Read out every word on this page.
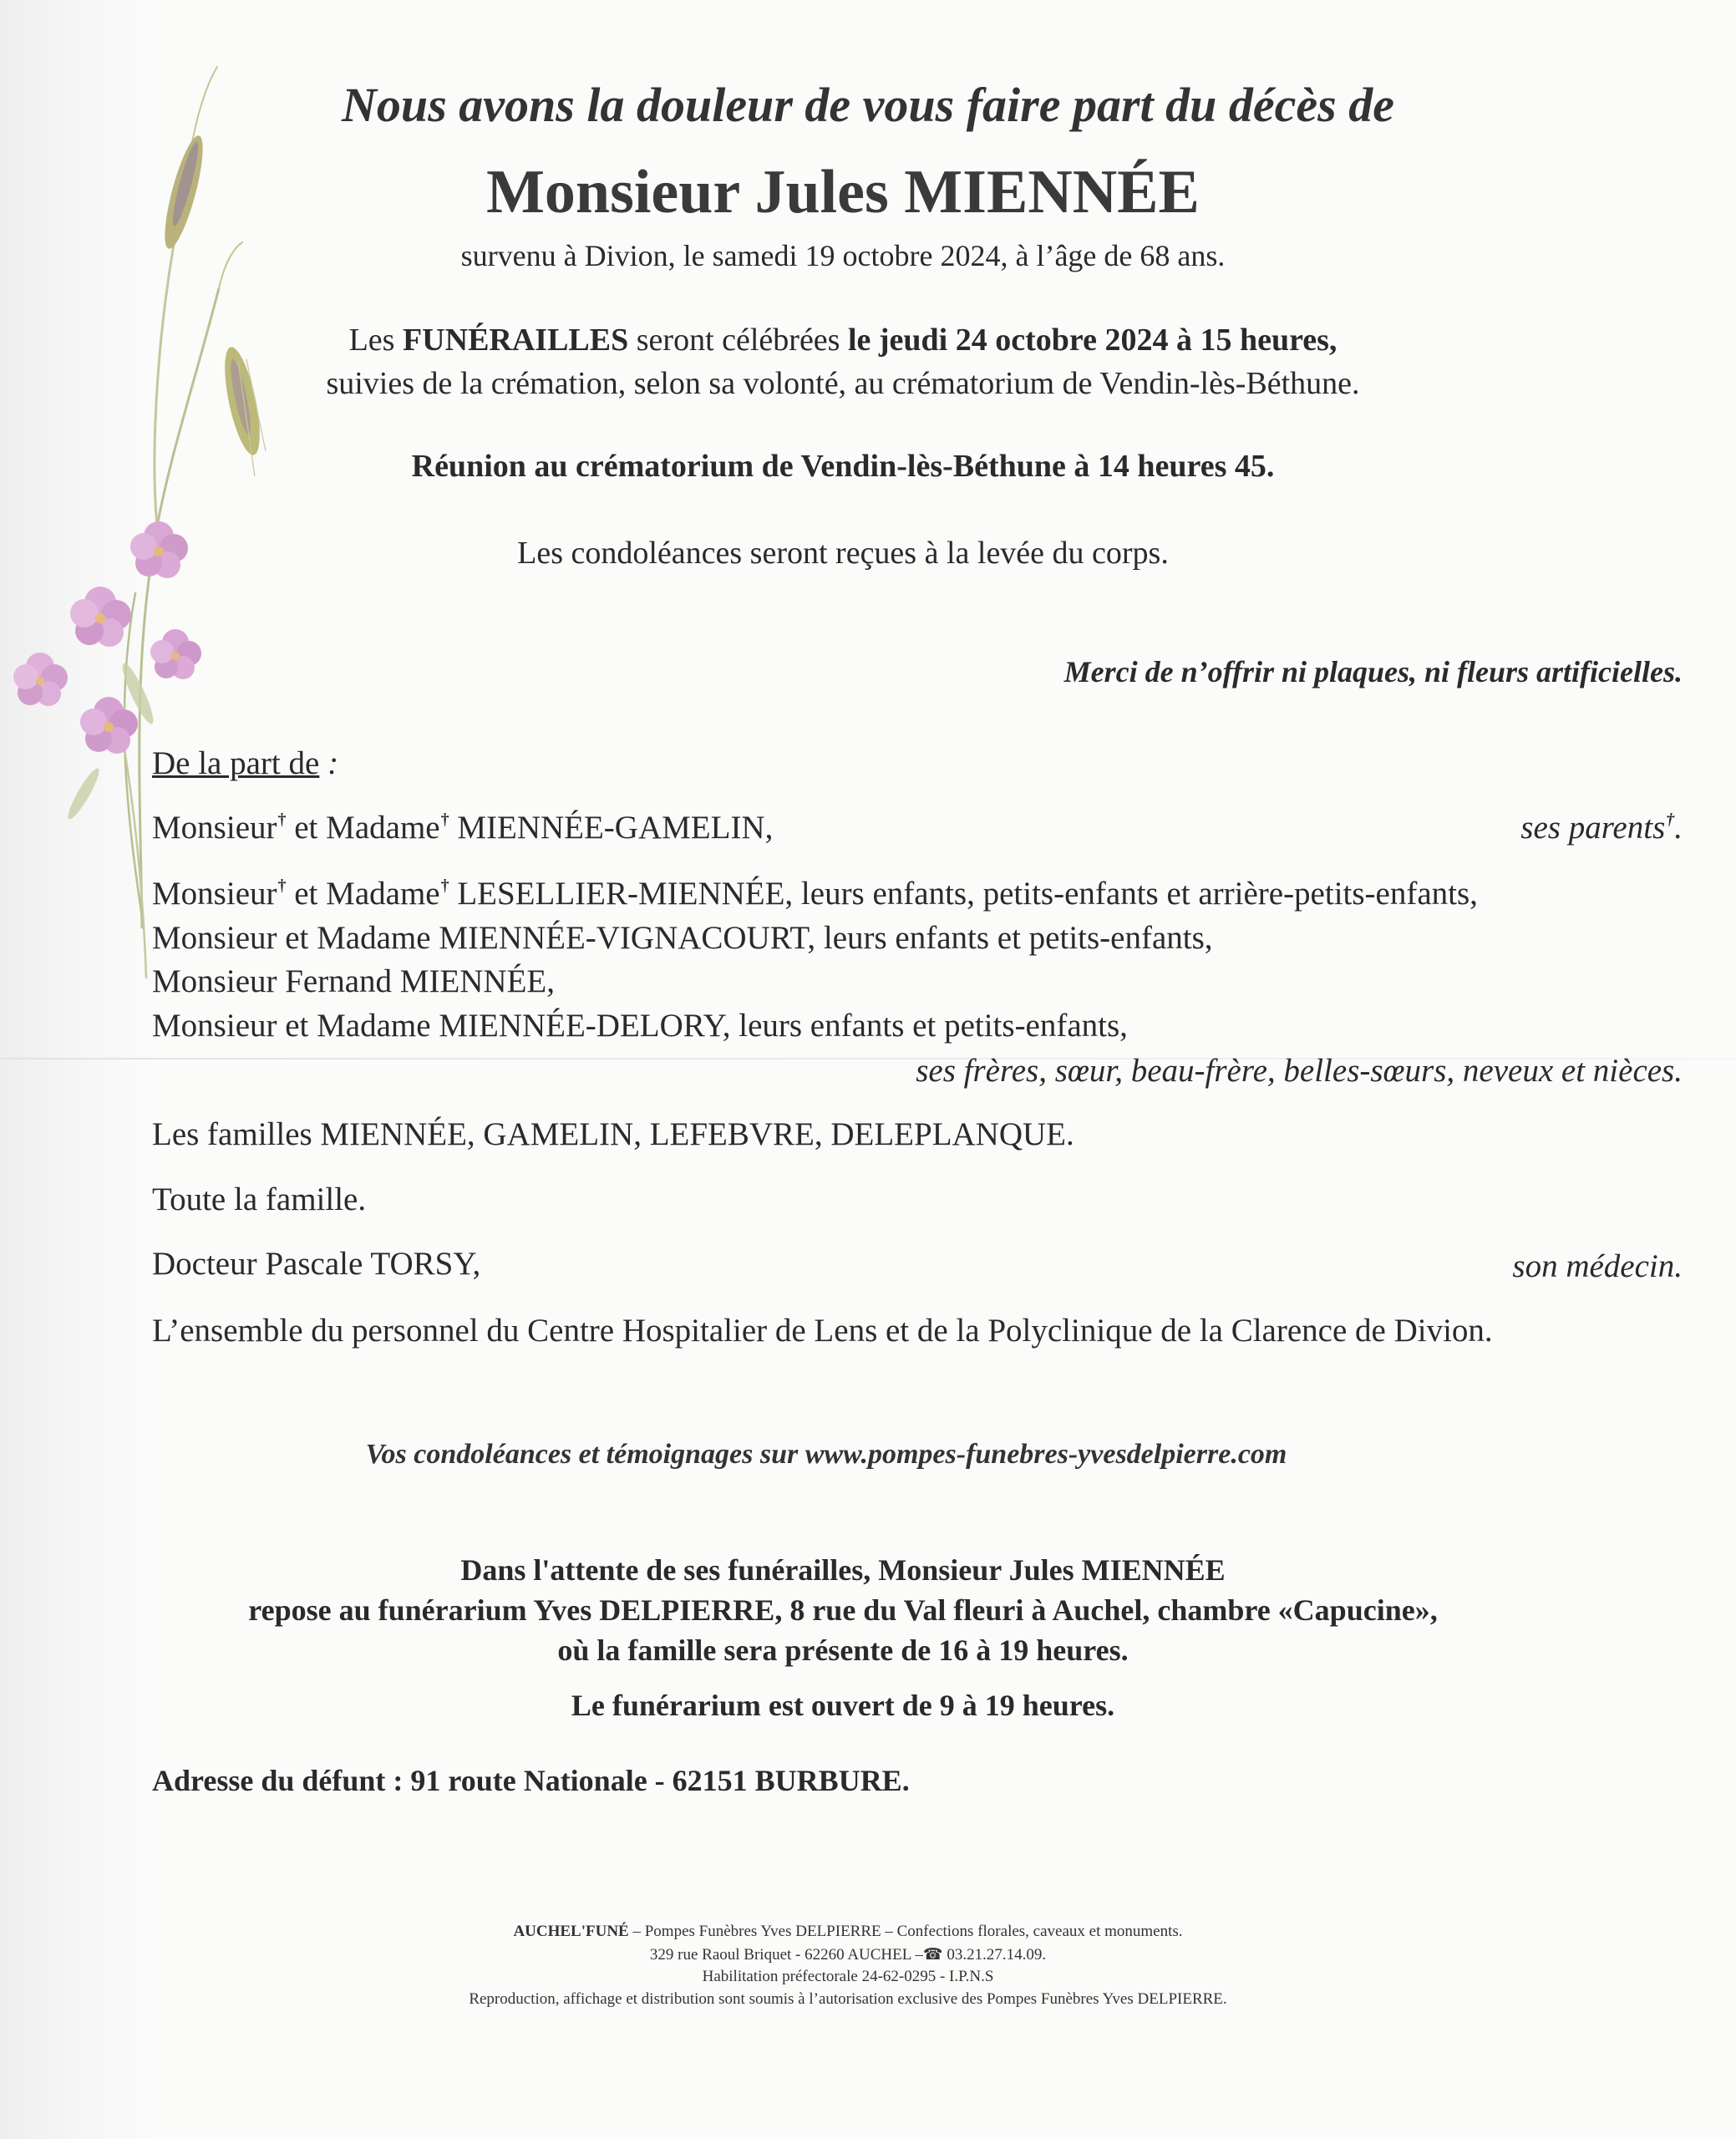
Nous avons la douleur de vous faire part du décès de
Monsieur Jules MIENNÉE
survenu à Divion, le samedi 19 octobre 2024, à l’âge de 68 ans.
Les FUNÉRAILLES seront célébrées le jeudi 24 octobre 2024 à 15 heures,
suivies de la crémation, selon sa volonté, au crématorium de Vendin-lès-Béthune.
Réunion au crématorium de Vendin-lès-Béthune à 14 heures 45.
Les condoléances seront reçues à la levée du corps.
Merci de n’offrir ni plaques, ni fleurs artificielles.
De la part de :
Monsieur† et Madame† MIENNÉE-GAMELIN,	ses parents†.
Monsieur† et Madame† LESELLIER-MIENNÉE, leurs enfants, petits-enfants et arrière-petits-enfants,
Monsieur et Madame MIENNÉE-VIGNACOURT, leurs enfants et petits-enfants,
Monsieur Fernand MIENNÉE,
Monsieur et Madame MIENNÉE-DELORY, leurs enfants et petits-enfants,
ses frères, sœur, beau-frère, belles-sœurs, neveux et nièces.
Les familles MIENNÉE, GAMELIN, LEFEBVRE, DELEPLANQUE.
Toute la famille.
Docteur Pascale TORSY,	son médecin.
L’ensemble du personnel du Centre Hospitalier de Lens et de la Polyclinique de la Clarence de Divion.
Vos condoléances et témoignages sur www.pompes-funebres-yvesdelpierre.com
Dans l'attente de ses funérailles, Monsieur Jules MIENNÉE
repose au funérarium Yves DELPIERRE, 8 rue du Val fleuri à Auchel, chambre «Capucine»,
où la famille sera présente de 16 à 19 heures.
Le funérarium est ouvert de 9 à 19 heures.
Adresse du défunt : 91 route Nationale - 62151 BURBURE.
AUCHEL'FUNÉ – Pompes Funèbres Yves DELPIERRE – Confections florales, caveaux et monuments.
329 rue Raoul Briquet - 62260 AUCHEL –☎ 03.21.27.14.09.
Habilitation préfectorale 24-62-0295 - I.P.N.S
Reproduction, affichage et distribution sont soumis à l’autorisation exclusive des Pompes Funèbres Yves DELPIERRE.
